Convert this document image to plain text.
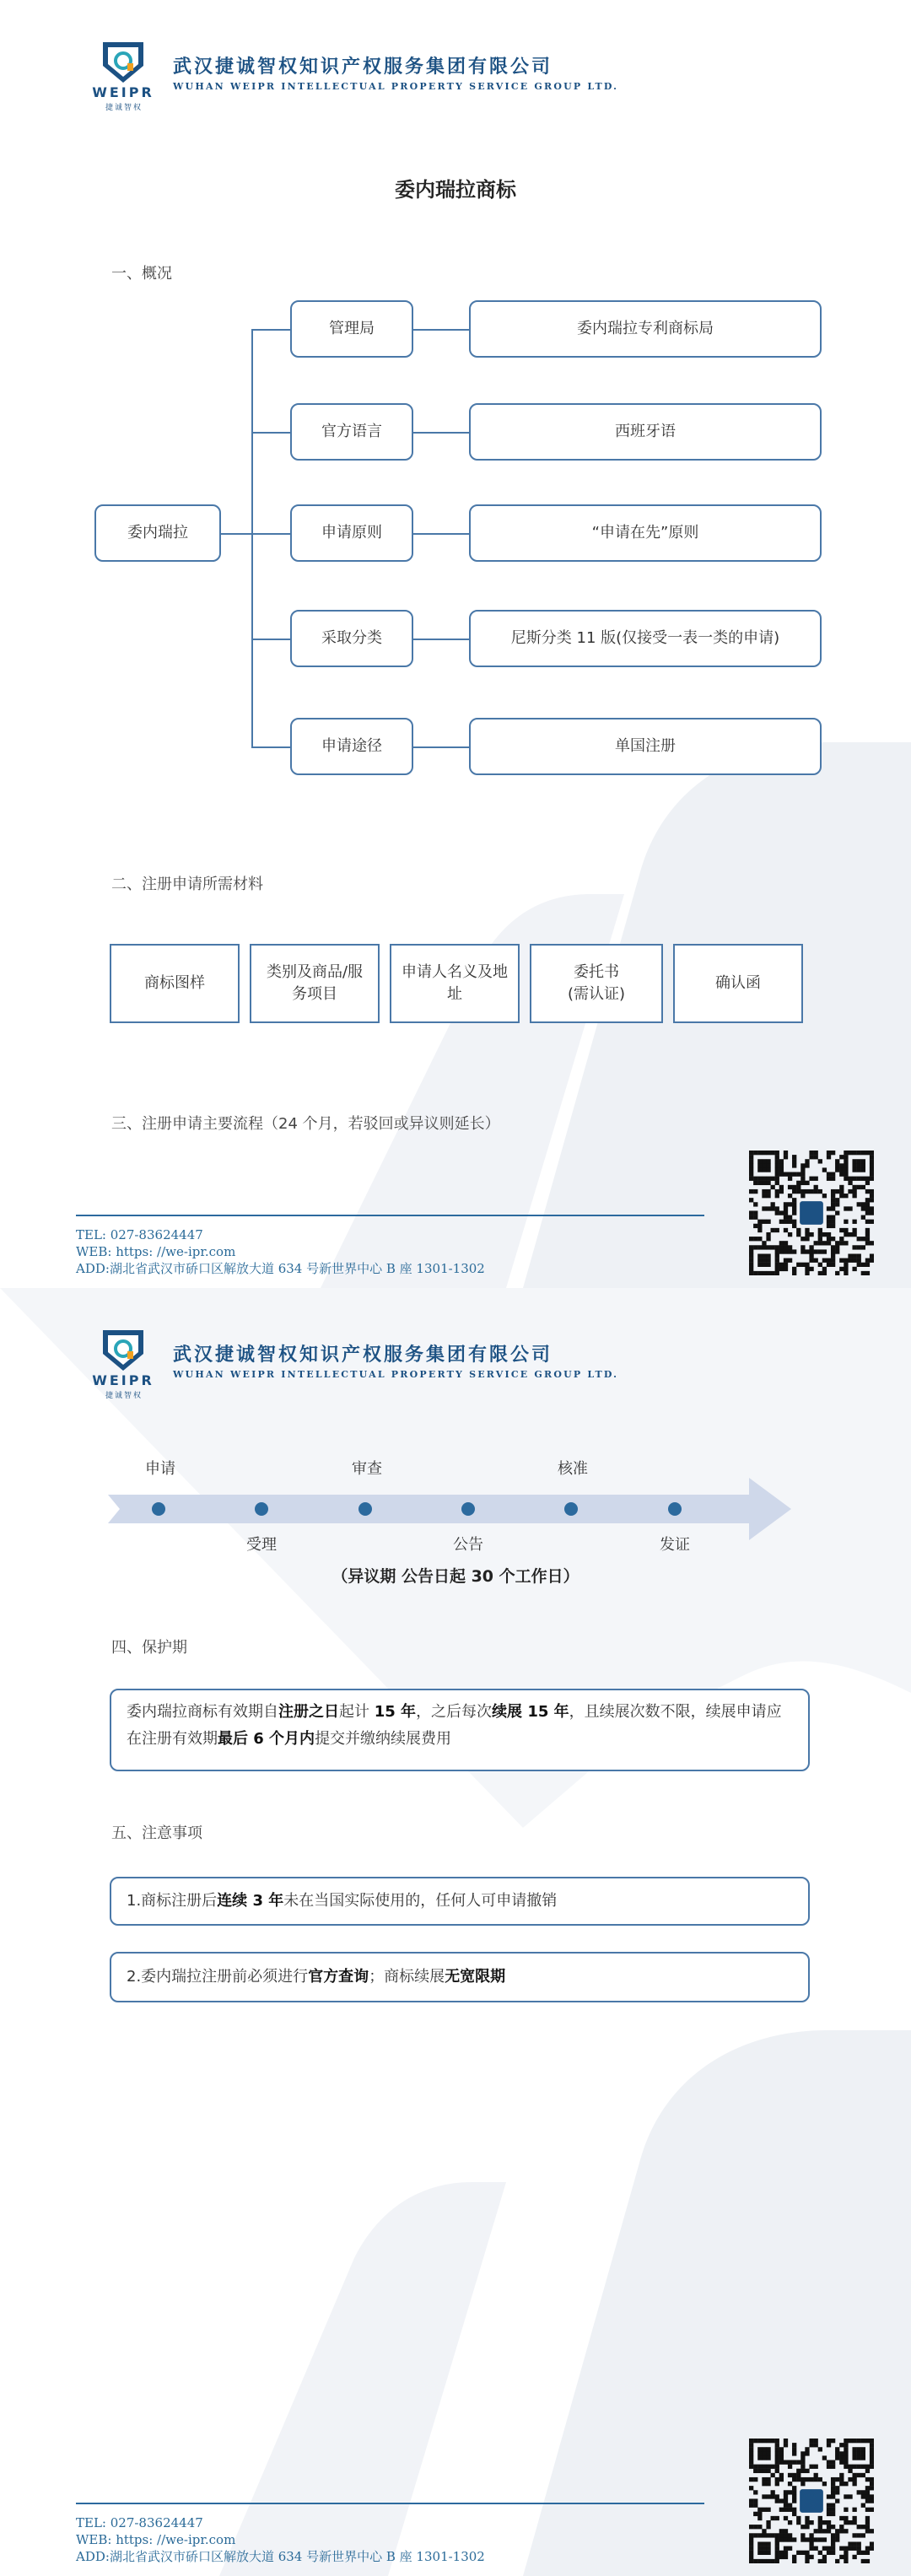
WEIPR
捷诚智权
武汉捷诚智权知识产权服务集团有限公司
WUHAN WEIPR INTELLECTUAL PROPERTY SERVICE GROUP LTD.
委内瑞拉商标
一、概况
委内瑞拉
管理局	委内瑞拉专利商标局
官方语言	西班牙语
申请原则	“申请在先”原则
采取分类	尼斯分类 11 版(仅接受一表一类的申请)
申请途径	单国注册
二、注册申请所需材料
商标图样
类别及商品/服务项目
申请人名义及地址
委托书
(需认证)
确认函
三、注册申请主要流程（24 个月，若驳回或异议则延长）
TEL: 027-83624447
WEB: https: //we-ipr.com
ADD:湖北省武汉市硚口区解放大道 634 号新世界中心 B 座 1301-1302
WEIPR
捷诚智权
武汉捷诚智权知识产权服务集团有限公司
WUHAN WEIPR INTELLECTUAL PROPERTY SERVICE GROUP LTD.
申请	审查	核准
受理	公告	发证
（异议期 公告日起 30 个工作日）
四、保护期
委内瑞拉商标有效期自注册之日起计 15 年，之后每次续展 15 年，且续展次数不限，续展申请应在注册有效期最后 6 个月内提交并缴纳续展费用
五、注意事项
1.商标注册后连续 3 年未在当国实际使用的，任何人可申请撤销
2.委内瑞拉注册前必须进行官方查询；商标续展无宽限期
TEL: 027-83624447
WEB: https: //we-ipr.com
ADD:湖北省武汉市硚口区解放大道 634 号新世界中心 B 座 1301-1302
